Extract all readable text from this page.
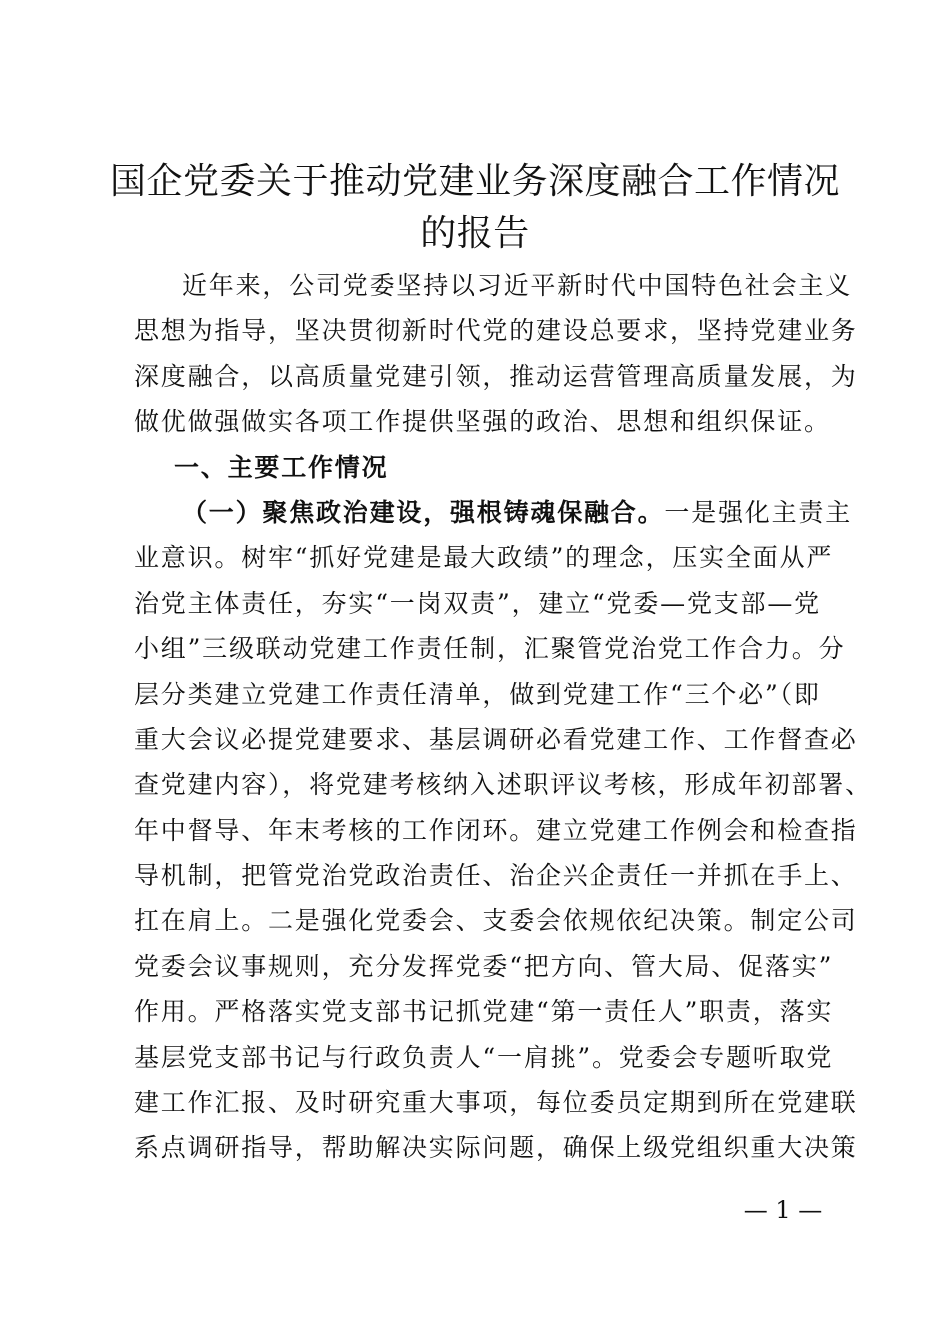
国企党委关于推动党建业务深度融合工作情况
的报告
近年来，公司党委坚持以习近平新时代中国特色社会主义
思想为指导，坚决贯彻新时代党的建设总要求，坚持党建业务
深度融合，以高质量党建引领，推动运营管理高质量发展，为
做优做强做实各项工作提供坚强的政治、思想和组织保证。
一、主要工作情况
（一）聚焦政治建设，强根铸魂保融合。一是强化主责主
业意识。树牢“抓好党建是最大政绩”的理念，压实全面从严
治党主体责任，夯实“一岗双责”，建立“党委—党支部—党
小组”三级联动党建工作责任制，汇聚管党治党工作合力。分
层分类建立党建工作责任清单，做到党建工作“三个必”（即
重大会议必提党建要求、基层调研必看党建工作、工作督查必
查党建内容），将党建考核纳入述职评议考核，形成年初部署、
年中督导、年末考核的工作闭环。建立党建工作例会和检查指
导机制，把管党治党政治责任、治企兴企责任一并抓在手上、
扛在肩上。二是强化党委会、支委会依规依纪决策。制定公司
党委会议事规则，充分发挥党委“把方向、管大局、促落实”
作用。严格落实党支部书记抓党建“第一责任人”职责，落实
基层党支部书记与行政负责人“一肩挑”。党委会专题听取党
建工作汇报、及时研究重大事项，每位委员定期到所在党建联
系点调研指导，帮助解决实际问题，确保上级党组织重大决策
— 1 —
